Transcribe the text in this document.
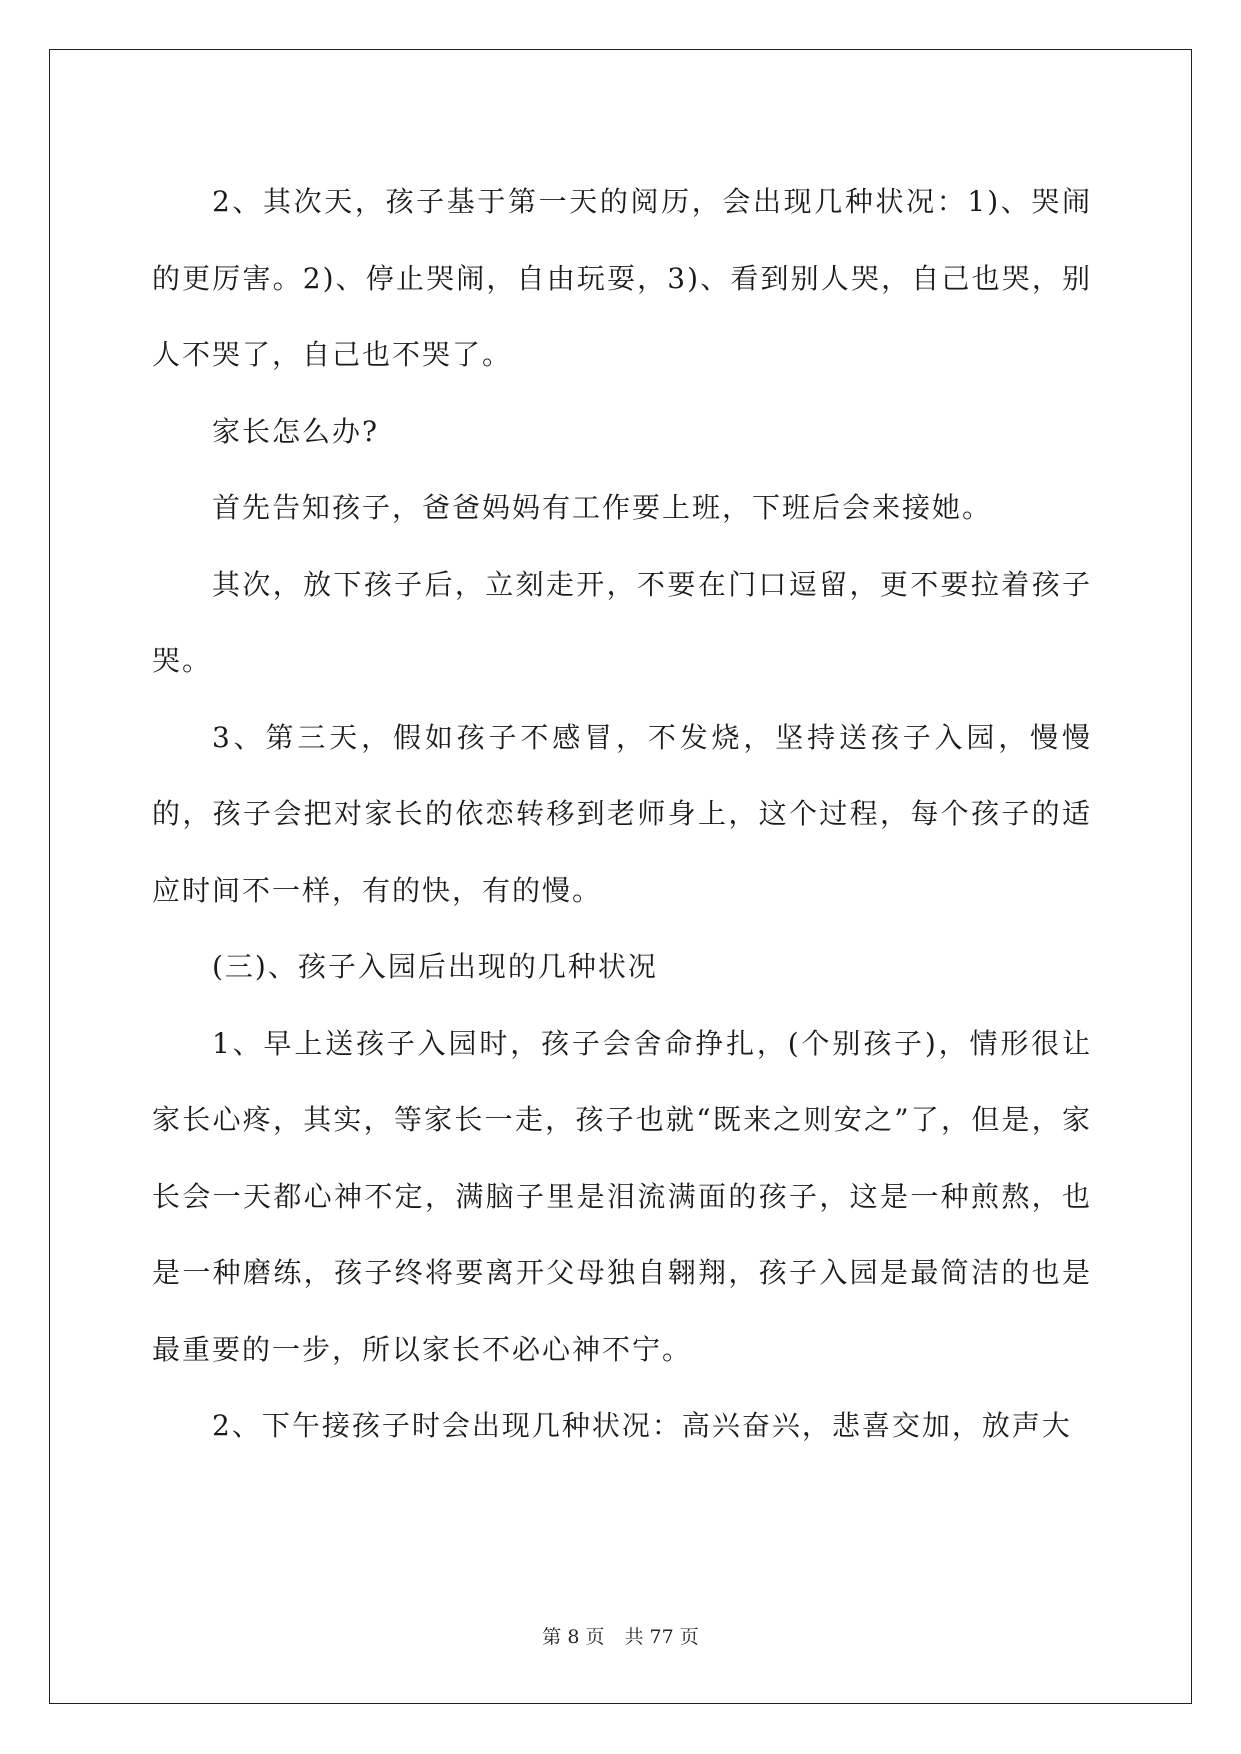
2、其次天，孩子基于第一天的阅历，会出现几种状况：1)、哭闹的更厉害。2)、停止哭闹，自由玩耍，3)、看到别人哭，自己也哭，别人不哭了，自己也不哭了。

家长怎么办?

首先告知孩子，爸爸妈妈有工作要上班，下班后会来接她。

其次，放下孩子后，立刻走开，不要在门口逗留，更不要拉着孩子哭。

3、第三天，假如孩子不感冒，不发烧，坚持送孩子入园，慢慢的，孩子会把对家长的依恋转移到老师身上，这个过程，每个孩子的适应时间不一样，有的快，有的慢。

(三)、孩子入园后出现的几种状况

1、早上送孩子入园时，孩子会舍命挣扎，(个别孩子)，情形很让家长心疼，其实，等家长一走，孩子也就“既来之则安之”了，但是，家长会一天都心神不定，满脑子里是泪流满面的孩子，这是一种煎熬，也是一种磨练，孩子终将要离开父母独自翱翔，孩子入园是最简洁的也是最重要的一步，所以家长不必心神不宁。

2、下午接孩子时会出现几种状况：高兴奋兴，悲喜交加，放声大

第 8 页 共 77 页
